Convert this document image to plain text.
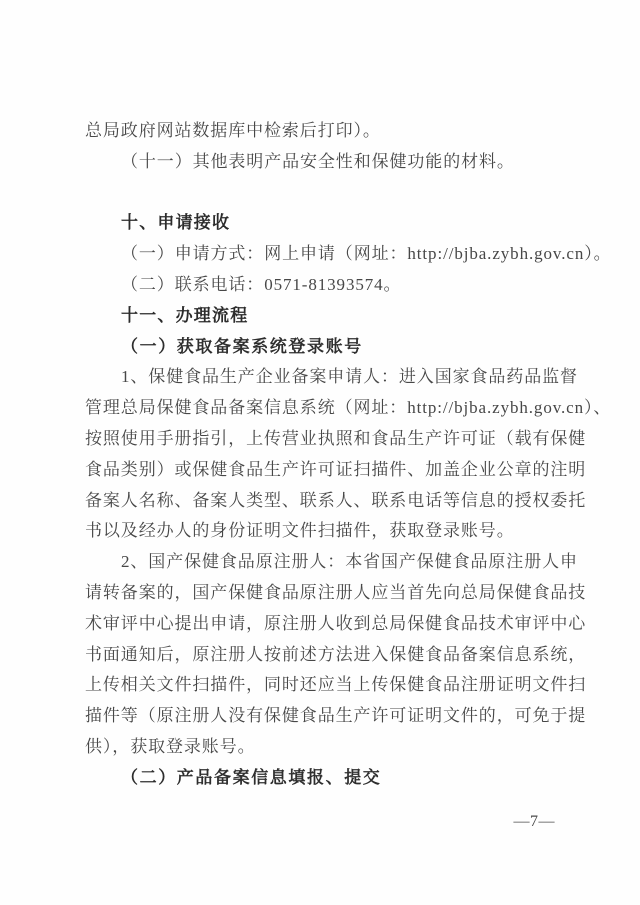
总局政府网站数据库中检索后打印）。
（十一）其他表明产品安全性和保健功能的材料。
十、申请接收
（一）申请方式：网上申请（网址：http://bjba.zybh.gov.cn）。
（二）联系电话：0571-81393574。
十一、办理流程
（一）获取备案系统登录账号
1、保健食品生产企业备案申请人：进入国家食品药品监督
管理总局保健食品备案信息系统（网址：http://bjba.zybh.gov.cn）、
按照使用手册指引，上传营业执照和食品生产许可证（载有保健
食品类别）或保健食品生产许可证扫描件、加盖企业公章的注明
备案人名称、备案人类型、联系人、联系电话等信息的授权委托
书以及经办人的身份证明文件扫描件，获取登录账号。
2、国产保健食品原注册人：本省国产保健食品原注册人申
请转备案的，国产保健食品原注册人应当首先向总局保健食品技
术审评中心提出申请，原注册人收到总局保健食品技术审评中心
书面通知后，原注册人按前述方法进入保健食品备案信息系统，
上传相关文件扫描件，同时还应当上传保健食品注册证明文件扫
描件等（原注册人没有保健食品生产许可证明文件的，可免于提
供），获取登录账号。
（二）产品备案信息填报、提交
—7—
